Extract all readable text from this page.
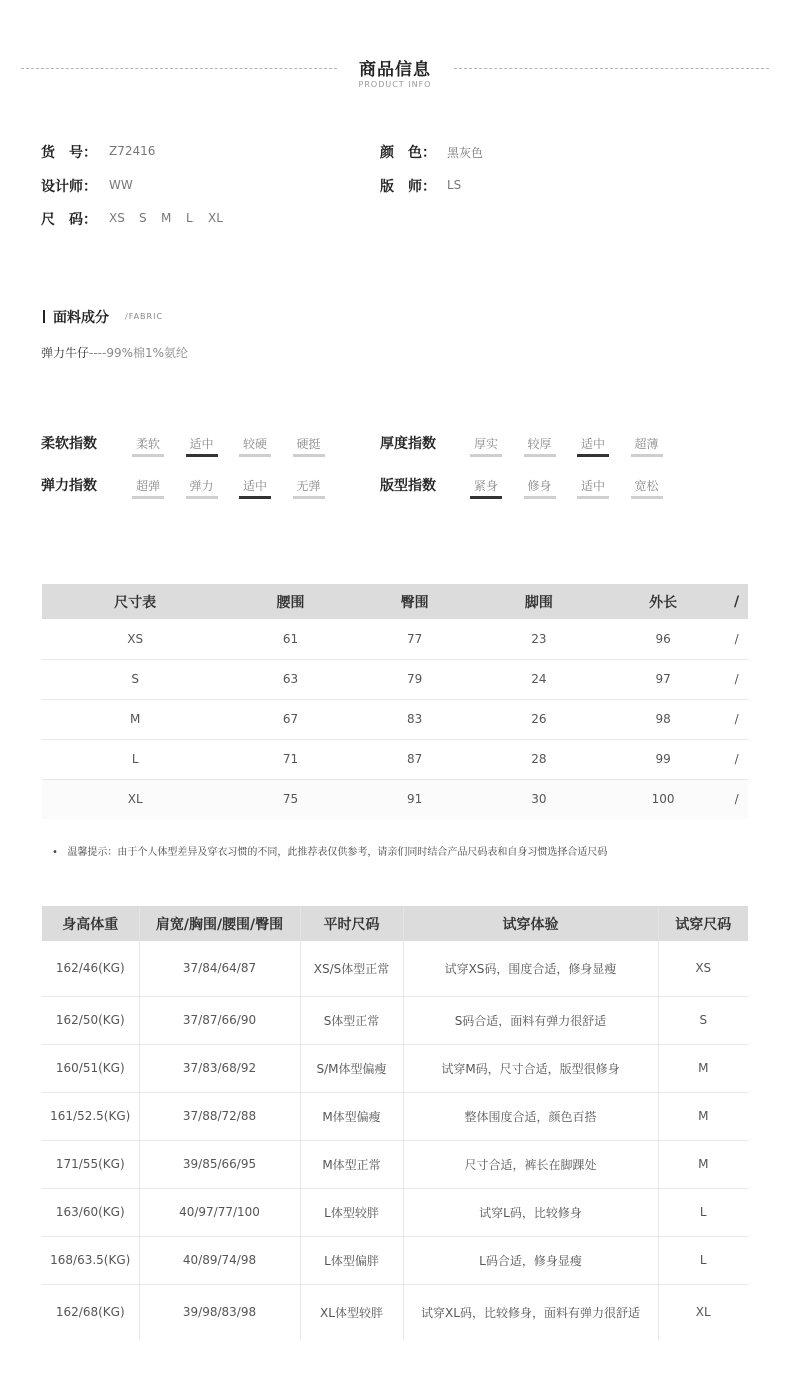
商品信息
PRODUCT INFO
货　号： Z72416	颜　色： 黑灰色
设计师： WW	版　师： LS
尺　码： XS S M L XL
面料成分 /FABRIC
弹力牛仔----99%棉1%氨纶
柔软指数	柔软	适中	较硬	硬挺	厚度指数	厚实	较厚	适中	超薄
弹力指数	超弹	弹力	适中	无弹	版型指数	紧身	修身	适中	宽松
尺寸表	腰围	臀围	脚围	外长	/
XS	61	77	23	96	/
S	63	79	24	97	/
M	67	83	26	98	/
L	71	87	28	99	/
XL	75	91	30	100	/
•   温馨提示：由于个人体型差异及穿衣习惯的不同，此推荐表仅供参考，请亲们同时结合产品尺码表和自身习惯选择合适尺码
身高体重	肩宽/胸围/腰围/臀围	平时尺码	试穿体验	试穿尺码
162/46(KG)	37/84/64/87	XS/S体型正常	试穿XS码，围度合适，修身显瘦	XS
162/50(KG)	37/87/66/90	S体型正常	S码合适，面料有弹力很舒适	S
160/51(KG)	37/83/68/92	S/M体型偏瘦	试穿M码，尺寸合适，版型很修身	M
161/52.5(KG)	37/88/72/88	M体型偏瘦	整体围度合适，颜色百搭	M
171/55(KG)	39/85/66/95	M体型正常	尺寸合适，裤长在脚踝处	M
163/60(KG)	40/97/77/100	L体型较胖	试穿L码，比较修身	L
168/63.5(KG)	40/89/74/98	L体型偏胖	L码合适，修身显瘦	L
162/68(KG)	39/98/83/98	XL体型较胖	试穿XL码，比较修身，面料有弹力很舒适	XL
